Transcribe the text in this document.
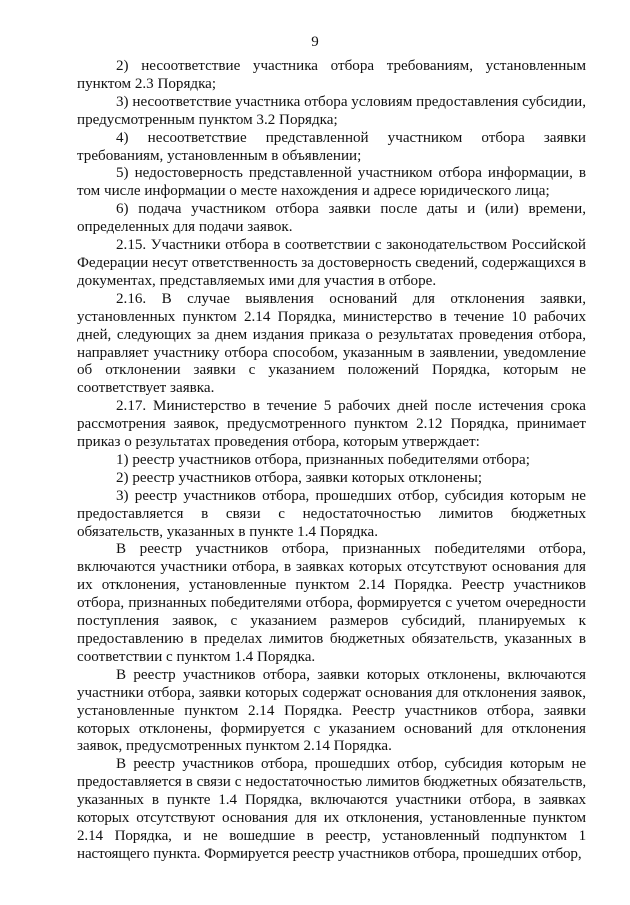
9

2) несоответствие участника отбора требованиям, установленным пунктом 2.3 Порядка;

3) несоответствие участника отбора условиям предоставления субсидии, предусмотренным пунктом 3.2 Порядка;

4) несоответствие представленной участником отбора заявки требованиям, установленным в объявлении;

5) недостоверность представленной участником отбора информации, в том числе информации о месте нахождения и адресе юридического лица;

6) подача участником отбора заявки после даты и (или) времени, определенных для подачи заявок.

2.15. Участники отбора в соответствии с законодательством Российской Федерации несут ответственность за достоверность сведений, содержащихся в документах, представляемых ими для участия в отборе.

2.16. В случае выявления оснований для отклонения заявки, установленных пунктом 2.14 Порядка, министерство в течение 10 рабочих дней, следующих за днем издания приказа о результатах проведения отбора, направляет участнику отбора способом, указанным в заявлении, уведомление об отклонении заявки с указанием положений Порядка, которым не соответствует заявка.

2.17. Министерство в течение 5 рабочих дней после истечения срока рассмотрения заявок, предусмотренного пунктом 2.12 Порядка, принимает приказ о результатах проведения отбора, которым утверждает:

1) реестр участников отбора, признанных победителями отбора;

2) реестр участников отбора, заявки которых отклонены;

3) реестр участников отбора, прошедших отбор, субсидия которым не предоставляется в связи с недостаточностью лимитов бюджетных обязательств, указанных в пункте 1.4 Порядка.

В реестр участников отбора, признанных победителями отбора, включаются участники отбора, в заявках которых отсутствуют основания для их отклонения, установленные пунктом 2.14 Порядка. Реестр участников отбора, признанных победителями отбора, формируется с учетом очередности поступления заявок, с указанием размеров субсидий, планируемых к предоставлению в пределах лимитов бюджетных обязательств, указанных в соответствии с пунктом 1.4 Порядка.

В реестр участников отбора, заявки которых отклонены, включаются участники отбора, заявки которых содержат основания для отклонения заявок, установленные пунктом 2.14 Порядка. Реестр участников отбора, заявки которых отклонены, формируется с указанием оснований для отклонения заявок, предусмотренных пунктом 2.14 Порядка.

В реестр участников отбора, прошедших отбор, субсидия которым не предоставляется в связи с недостаточностью лимитов бюджетных обязательств, указанных в пункте 1.4 Порядка, включаются участники отбора, в заявках которых отсутствуют основания для их отклонения, установленные пунктом 2.14 Порядка, и не вошедшие в реестр, установленный подпунктом 1 настоящего пункта. Формируется реестр участников отбора, прошедших отбор,
